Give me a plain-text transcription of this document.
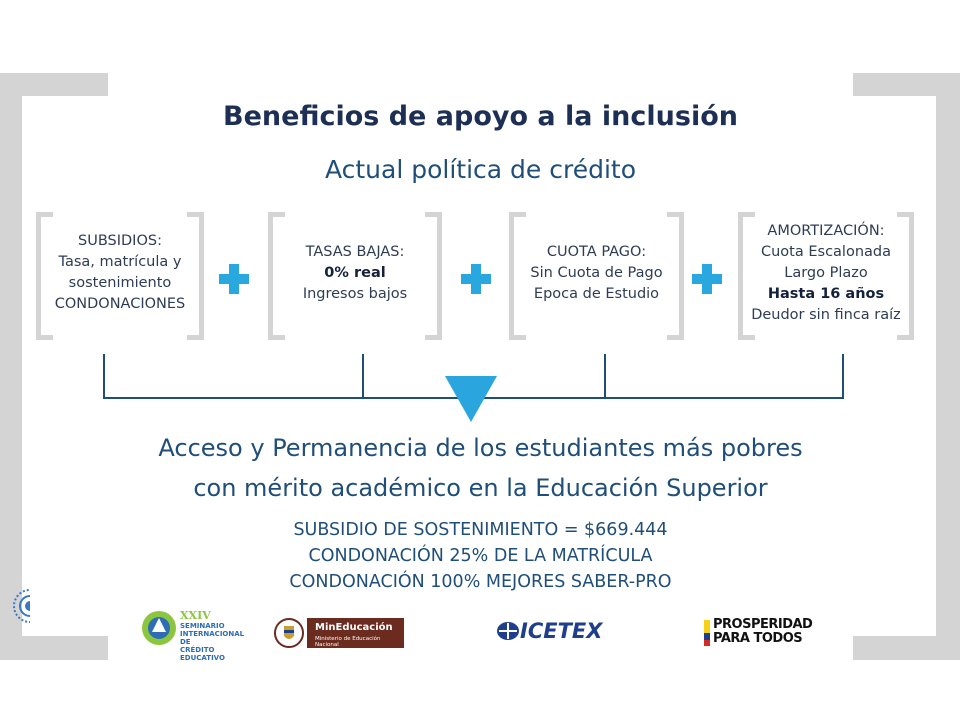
Beneficios de apoyo a la inclusión
Actual política de crédito
SUBSIDIOS:
Tasa, matrícula y
sostenimiento
CONDONACIONES
TASAS BAJAS:
0% real
Ingresos bajos
CUOTA PAGO:
Sin Cuota de Pago
Epoca de Estudio
AMORTIZACIÓN:
Cuota Escalonada
Largo Plazo
Hasta 16 años
Deudor sin finca raíz
Acceso y Permanencia de los estudiantes más pobres
con mérito académico en la Educación Superior
SUBSIDIO DE SOSTENIMIENTO = $669.444
CONDONACIÓN 25% DE LA MATRÍCULA
CONDONACIÓN 100% MEJORES SABER-PRO
XXIV
SEMINARIO INTERNACIONAL DE
CRÉDITO EDUCATIVO
MinEducación
Ministerio de Educación Nacional
ICETEX	PROSPERIDAD
PARA TODOS
